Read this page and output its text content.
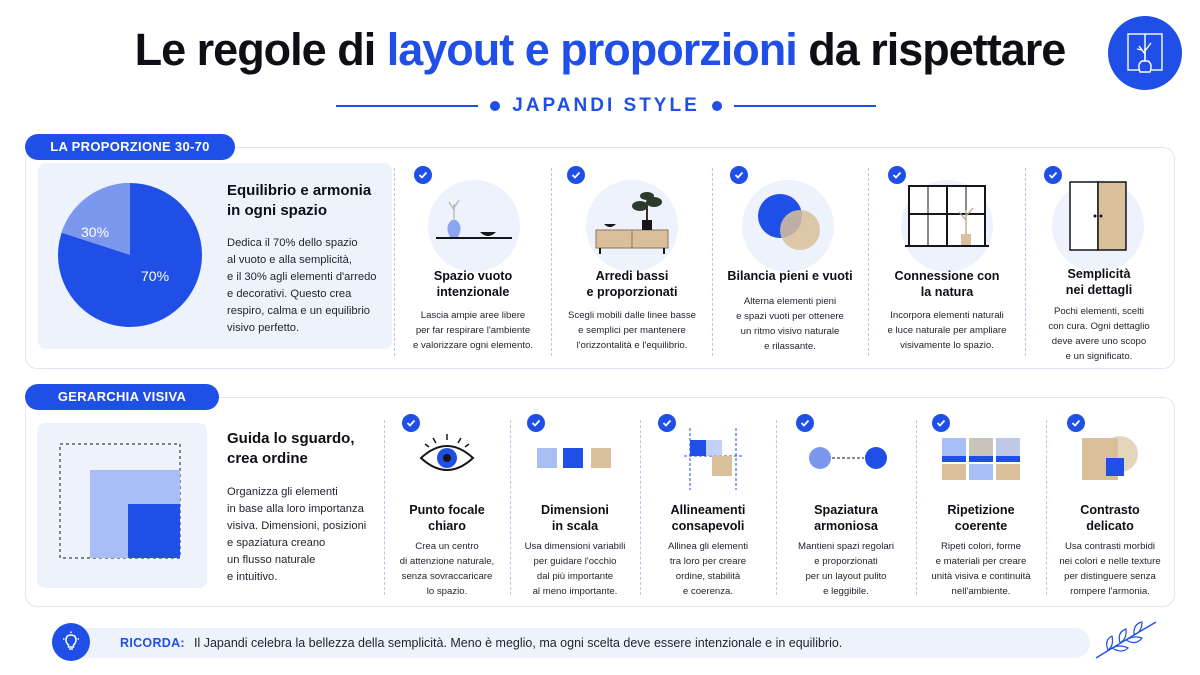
Le regole di layout e proporzioni da rispettare
JAPANDI STYLE
LA PROPORZIONE 30-70
30%
70%
Equilibrio e armonia
in ogni spazio
Dedica il 70% dello spazio
al vuoto e alla semplicità,
e il 30% agli elementi d'arredo
e decorativi. Questo crea
respiro, calma e un equilibrio
visivo perfetto.
Spazio vuoto
intenzionale
Lascia ampie aree libere
per far respirare l'ambiente
e valorizzare ogni elemento.
Arredi bassi
e proporzionati
Scegli mobili dalle linee basse
e semplici per mantenere
l'orizzontalità e l'equilibrio.
Bilancia pieni e vuoti
Alterna elementi pieni
e spazi vuoti per ottenere
un ritmo visivo naturale
e rilassante.
Connessione con
la natura
Incorpora elementi naturali
e luce naturale per ampliare
visivamente lo spazio.
Semplicità
nei dettagli
Pochi elementi, scelti
con cura. Ogni dettaglio
deve avere uno scopo
e un significato.
GERARCHIA VISIVA
Guida lo sguardo,
crea ordine
Organizza gli elementi
in base alla loro importanza
visiva. Dimensioni, posizioni
e spaziatura creano
un flusso naturale
e intuitivo.
Punto focale
chiaro
Crea un centro
di attenzione naturale,
senza sovraccaricare
lo spazio.
Dimensioni
in scala
Usa dimensioni variabili
per guidare l'occhio
dal più importante
al meno importante.
Allineamenti
consapevoli
Allinea gli elementi
tra loro per creare
ordine, stabilità
e coerenza.
Spaziatura
armoniosa
Mantieni spazi regolari
e proporzionati
per un layout pulito
e leggibile.
Ripetizione
coerente
Ripeti colori, forme
e materiali per creare
unità visiva e continuità
nell'ambiente.
Contrasto
delicato
Usa contrasti morbidi
nei colori e nelle texture
per distinguere senza
rompere l'armonia.
RICORDA: Il Japandi celebra la bellezza della semplicità. Meno è meglio, ma ogni scelta deve essere intenzionale e in equilibrio.
